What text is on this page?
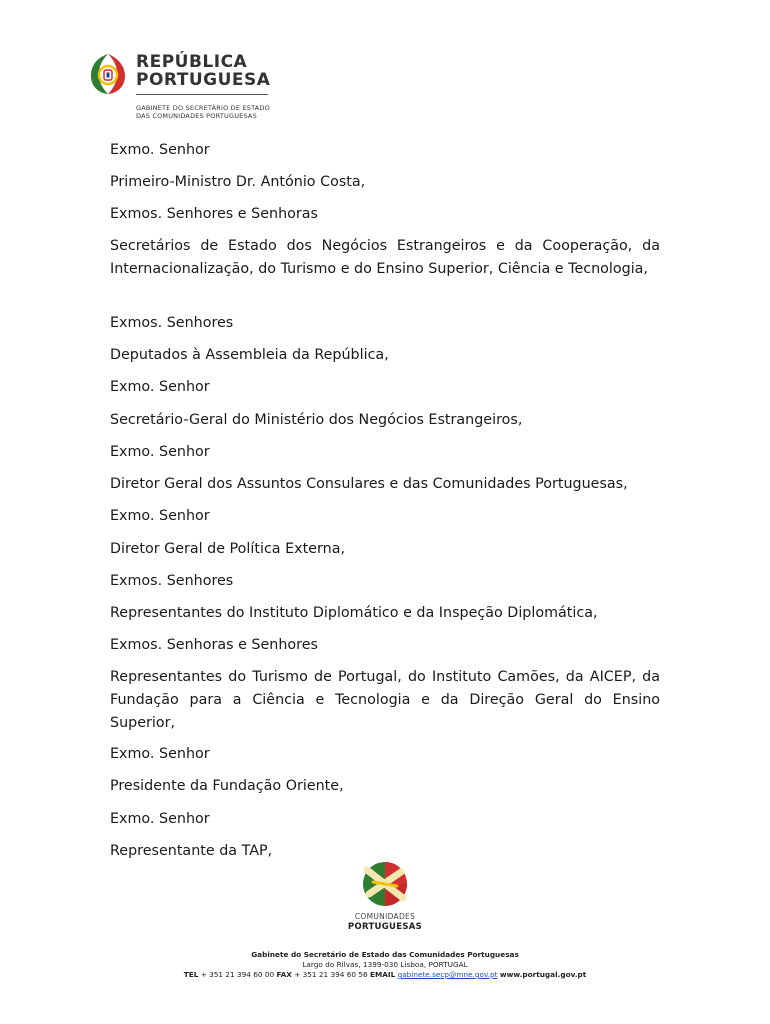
REPÚBLICA
PORTUGUESA
GABINETE DO SECRETÁRIO DE ESTADO
DAS COMUNIDADES PORTUGUESAS

Exmo. Senhor

Primeiro-Ministro Dr. António Costa,

Exmos. Senhores e Senhoras

Secretários de Estado dos Negócios Estrangeiros e da Cooperação, da Internacionalização, do Turismo e do Ensino Superior, Ciência e Tecnologia,

Exmos. Senhores

Deputados à Assembleia da República,

Exmo. Senhor

Secretário-Geral do Ministério dos Negócios Estrangeiros,

Exmo. Senhor

Diretor Geral dos Assuntos Consulares e das Comunidades Portuguesas,

Exmo. Senhor

Diretor Geral de Política Externa,

Exmos. Senhores

Representantes do Instituto Diplomático e da Inspeção Diplomática,

Exmos. Senhoras e Senhores

Representantes do Turismo de Portugal, do Instituto Camões, da AICEP, da Fundação para a Ciência e Tecnologia e da Direção Geral do Ensino Superior,

Exmo. Senhor

Presidente da Fundação Oriente,

Exmo. Senhor

Representante da TAP,

COMUNIDADES
PORTUGUESAS
Gabinete do Secretário de Estado das Comunidades Portuguesas
Largo do Rilvas, 1399-030 Lisboa, PORTUGAL
TEL + 351 21 394 60 00 FAX + 351 21 394 60 56 EMAIL gabinete.secp@mne.gov.pt www.portugal.gov.pt
